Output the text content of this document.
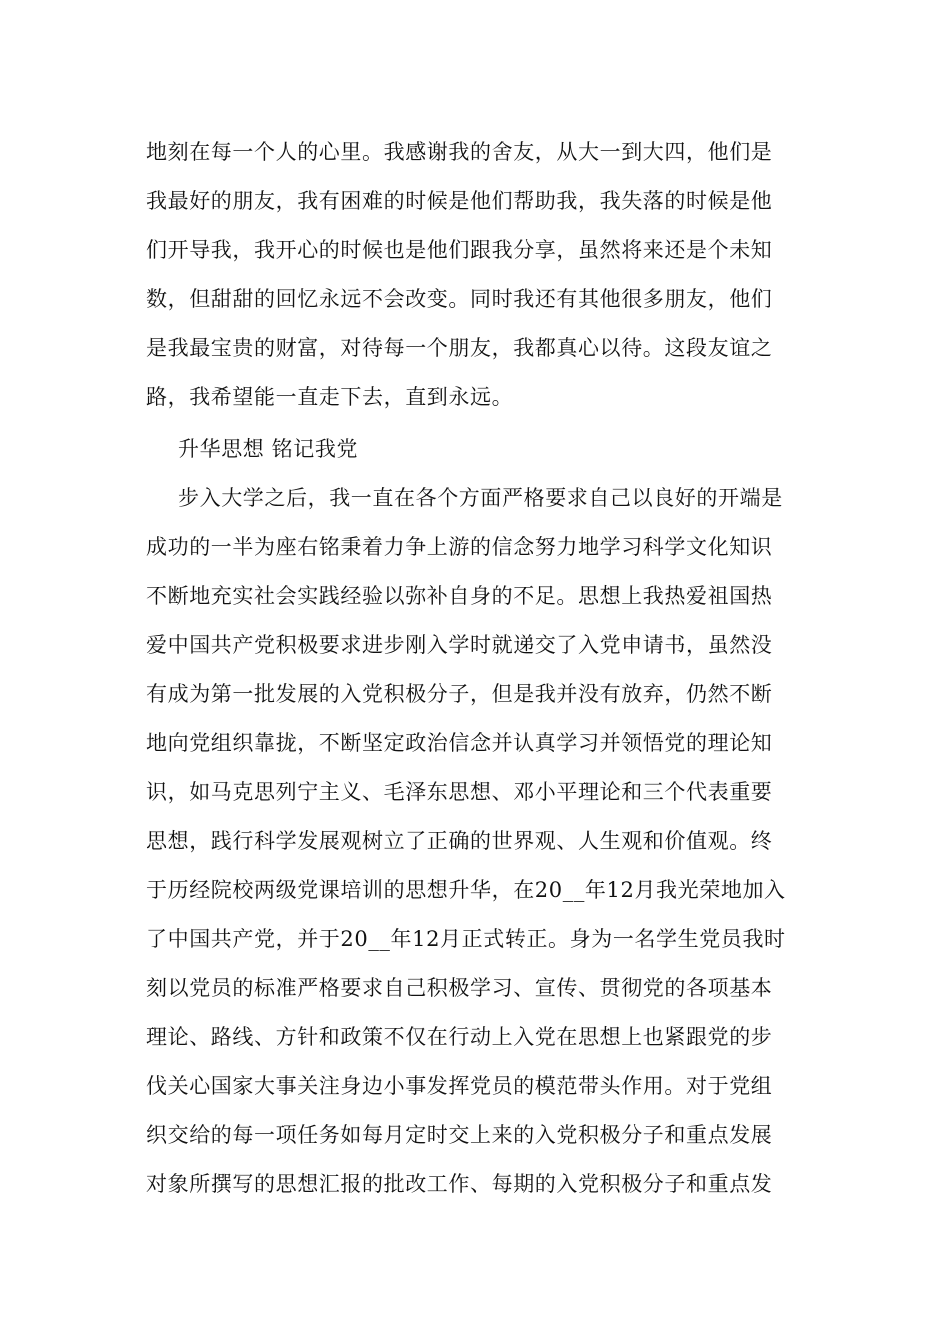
地刻在每一个人的心里。我感谢我的舍友，从大一到大四，他们是
我最好的朋友，我有困难的时候是他们帮助我，我失落的时候是他
们开导我，我开心的时候也是他们跟我分享，虽然将来还是个未知
数，但甜甜的回忆永远不会改变。同时我还有其他很多朋友，他们
是我最宝贵的财富，对待每一个朋友，我都真心以待。这段友谊之
路，我希望能一直走下去，直到永远。
升华思想 铭记我党
步入大学之后，我一直在各个方面严格要求自己以良好的开端是
成功的一半为座右铭秉着力争上游的信念努力地学习科学文化知识
不断地充实社会实践经验以弥补自身的不足。思想上我热爱祖国热
爱中国共产党积极要求进步刚入学时就递交了入党申请书，虽然没
有成为第一批发展的入党积极分子，但是我并没有放弃，仍然不断
地向党组织靠拢，不断坚定政治信念并认真学习并领悟党的理论知
识，如马克思列宁主义、毛泽东思想、邓小平理论和三个代表重要
思想，践行科学发展观树立了正确的世界观、人生观和价值观。终
于历经院校两级党课培训的思想升华，在20__年12月我光荣地加入
了中国共产党，并于20__年12月正式转正。身为一名学生党员我时
刻以党员的标准严格要求自己积极学习、宣传、贯彻党的各项基本
理论、路线、方针和政策不仅在行动上入党在思想上也紧跟党的步
伐关心国家大事关注身边小事发挥党员的模范带头作用。对于党组
织交给的每一项任务如每月定时交上来的入党积极分子和重点发展
对象所撰写的思想汇报的批改工作、每期的入党积极分子和重点发
